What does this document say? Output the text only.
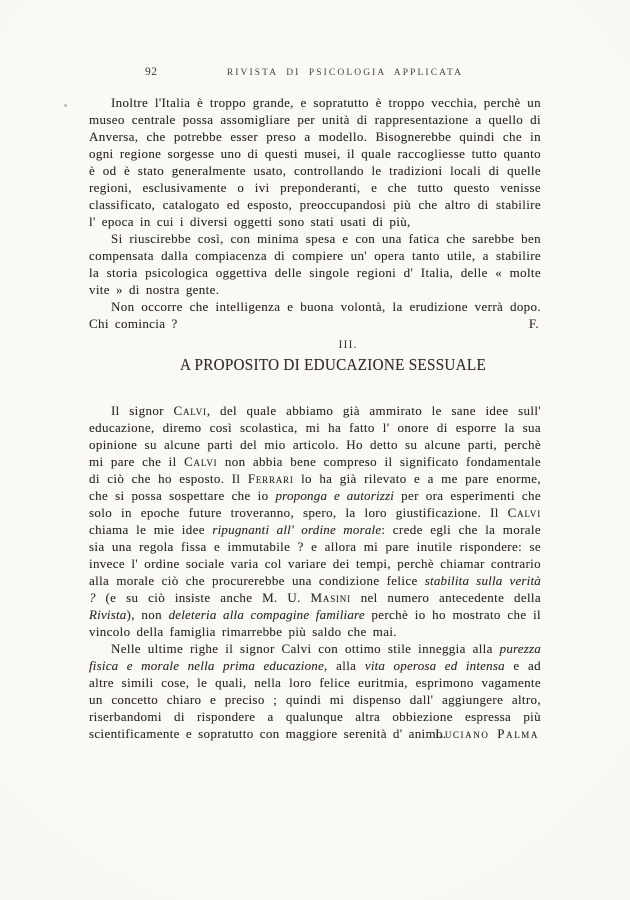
92	RIVISTA DI PSICOLOGIA APPLICATA

Inoltre l'Italia è troppo grande, e sopratutto è troppo vecchia, perchè un museo centrale possa assomigliare per unità di rappresentazione a quello di Anversa, che potrebbe esser preso a modello. Bisognerebbe quindi che in ogni regione sorgesse uno di questi musei, il quale raccogliesse tutto quanto è od è stato generalmente usato, controllando le tradizioni locali di quelle regioni, esclusivamente o ivi preponderanti, e che tutto questo venisse classificato, catalogato ed esposto, preoccupandosi più che altro di stabilire l' epoca in cui i diversi oggetti sono stati usati di più,

Si riuscirebbe così, con minima spesa e con una fatica che sarebbe ben compensata dalla compiacenza di compiere un' opera tanto utile, a stabilire la storia psicologica oggettiva delle singole regioni d' Italia, delle « molte vite » di nostra gente.

Non occorre che intelligenza e buona volontà, la erudizione verrà dopo. Chi comincia ?	F.
III.
A PROPOSITO DI EDUCAZIONE SESSUALE

Il signor Calvi, del quale abbiamo già ammirato le sane idee sull' educazione, diremo così scolastica, mi ha fatto l' onore di esporre la sua opinione su alcune parti del mio articolo. Ho detto su alcune parti, perchè mi pare che il Calvi non abbia bene compreso il significato fondamentale di ciò che ho esposto. Il Ferrari lo ha già rilevato e a me pare enorme, che si possa sospettare che io proponga e autorizzi per ora esperimenti che solo in epoche future troveranno, spero, la loro giustificazione. Il Calvi chiama le mie idee ripugnanti all' ordine morale: crede egli che la morale sia una regola fissa e immutabile ? e allora mi pare inutile rispondere: se invece l' ordine sociale varia col variare dei tempi, perchè chiamar contrario alla morale ciò che procurerebbe una condizione felice stabilita sulla verità ? (e su ciò insiste anche M. U. Masini nel numero antecedente della Rivista), non deleteria alla compagine familiare perchè io ho mostrato che il vincolo della famiglia rimarrebbe più saldo che mai.

Nelle ultime righe il signor Calvi con ottimo stile inneggia alla purezza fisica e morale nella prima educazione, alla vita operosa ed intensa e ad altre simili cose, le quali, nella loro felice euritmia, esprimono vagamente un concetto chiaro e preciso ; quindi mi dispenso dall' aggiungere altro, riserbandomi di rispondere a qualunque altra obbiezione espressa più scientificamente e sopratutto con maggiore serenità d' animo.

Luciano Palma
